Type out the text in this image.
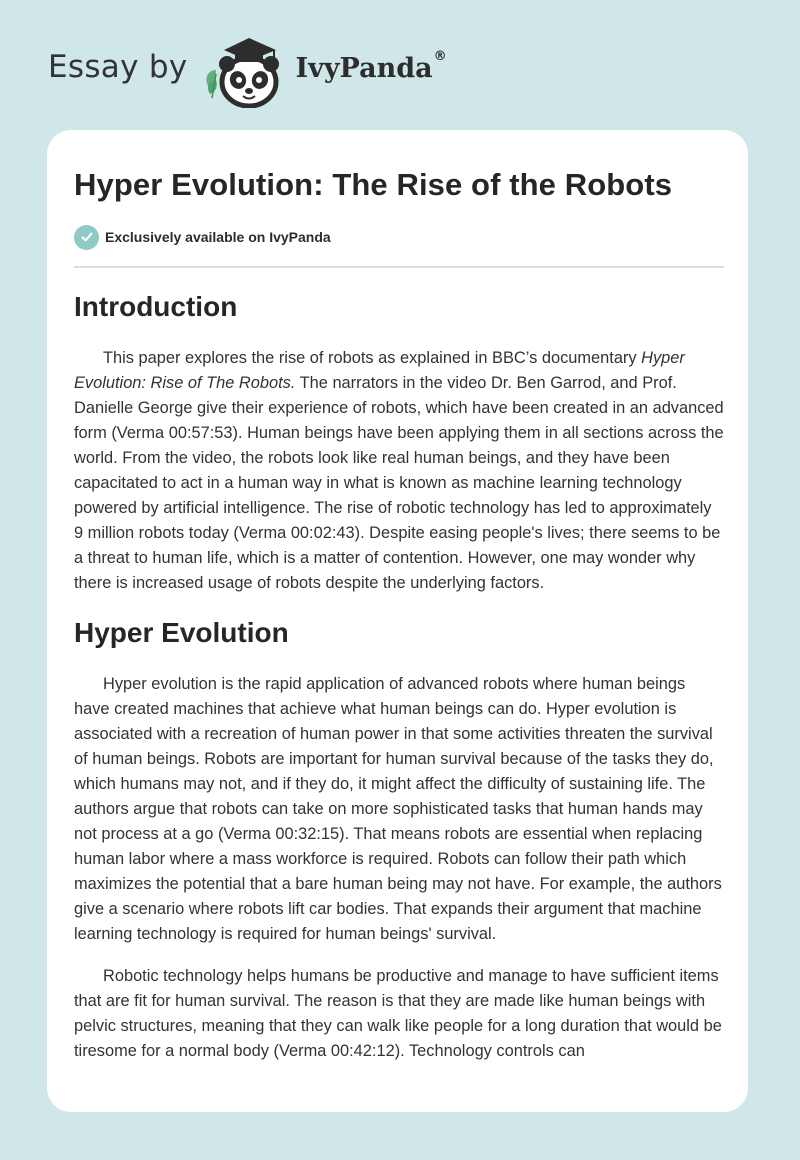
Essay by	IvyPanda®
Hyper Evolution: The Rise of the Robots
Exclusively available on IvyPanda
Introduction

This paper explores the rise of robots as explained in BBC’s documentary Hyper Evolution: Rise of The Robots. The narrators in the video Dr. Ben Garrod, and Prof. Danielle George give their experience of robots, which have been created in an advanced form (Verma 00:57:53). Human beings have been applying them in all sections across the world. From the video, the robots look like real human beings, and they have been capacitated to act in a human way in what is known as machine learning technology powered by artificial intelligence. The rise of robotic technology has led to approximately 9 million robots today (Verma 00:02:43). Despite easing people's lives; there seems to be a threat to human life, which is a matter of contention. However, one may wonder why there is increased usage of robots despite the underlying factors.

Hyper Evolution

Hyper evolution is the rapid application of advanced robots where human beings have created machines that achieve what human beings can do. Hyper evolution is associated with a recreation of human power in that some activities threaten the survival of human beings. Robots are important for human survival because of the tasks they do, which humans may not, and if they do, it might affect the difficulty of sustaining life. The authors argue that robots can take on more sophisticated tasks that human hands may not process at a go (Verma 00:32:15). That means robots are essential when replacing human labor where a mass workforce is required. Robots can follow their path which maximizes the potential that a bare human being may not have. For example, the authors give a scenario where robots lift car bodies. That expands their argument that machine learning technology is required for human beings' survival.

Robotic technology helps humans be productive and manage to have sufficient items that are fit for human survival. The reason is that they are made like human beings with pelvic structures, meaning that they can walk like people for a long duration that would be tiresome for a normal body (Verma 00:42:12). Technology controls can
